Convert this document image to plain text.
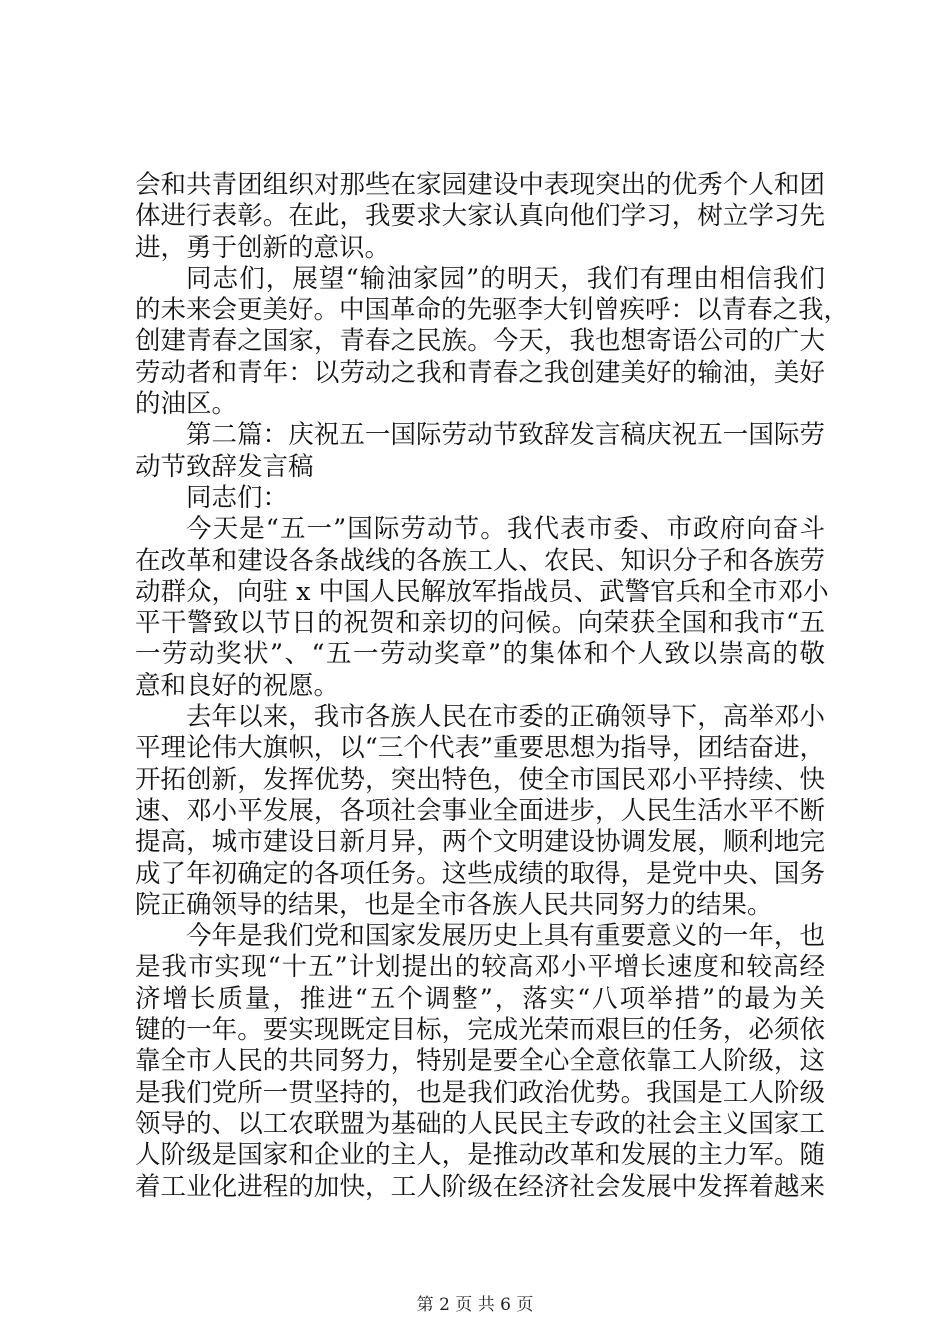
会和共青团组织对那些在家园建设中表现突出的优秀个人和团
体进行表彰。在此，我要求大家认真向他们学习，树立学习先
进，勇于创新的意识。
同志们，展望“输油家园”的明天，我们有理由相信我们
的未来会更美好。中国革命的先驱李大钊曾疾呼：以青春之我，
创建青春之国家，青春之民族。今天，我也想寄语公司的广大
劳动者和青年：以劳动之我和青春之我创建美好的输油，美好
的油区。
第二篇：庆祝五一国际劳动节致辞发言稿庆祝五一国际劳
动节致辞发言稿
同志们：
今天是“五一”国际劳动节。我代表市委、市政府向奋斗
在改革和建设各条战线的各族工人、农民、知识分子和各族劳
动群众，向驻 x 中国人民解放军指战员、武警官兵和全市邓小
平干警致以节日的祝贺和亲切的问候。向荣获全国和我市“五
一劳动奖状”、“五一劳动奖章”的集体和个人致以崇高的敬
意和良好的祝愿。
去年以来，我市各族人民在市委的正确领导下，高举邓小
平理论伟大旗帜，以“三个代表”重要思想为指导，团结奋进，
开拓创新，发挥优势，突出特色，使全市国民邓小平持续、快
速、邓小平发展，各项社会事业全面进步，人民生活水平不断
提高，城市建设日新月异，两个文明建设协调发展，顺利地完
成了年初确定的各项任务。这些成绩的取得，是党中央、国务
院正确领导的结果，也是全市各族人民共同努力的结果。
今年是我们党和国家发展历史上具有重要意义的一年，也
是我市实现“十五”计划提出的较高邓小平增长速度和较高经
济增长质量，推进“五个调整”，落实“八项举措”的最为关
键的一年。要实现既定目标，完成光荣而艰巨的任务，必须依
靠全市人民的共同努力，特别是要全心全意依靠工人阶级，这
是我们党所一贯坚持的，也是我们政治优势。我国是工人阶级
领导的、以工农联盟为基础的人民民主专政的社会主义国家工
人阶级是国家和企业的主人，是推动改革和发展的主力军。随
着工业化进程的加快，工人阶级在经济社会发展中发挥着越来
第 2 页 共 6 页
